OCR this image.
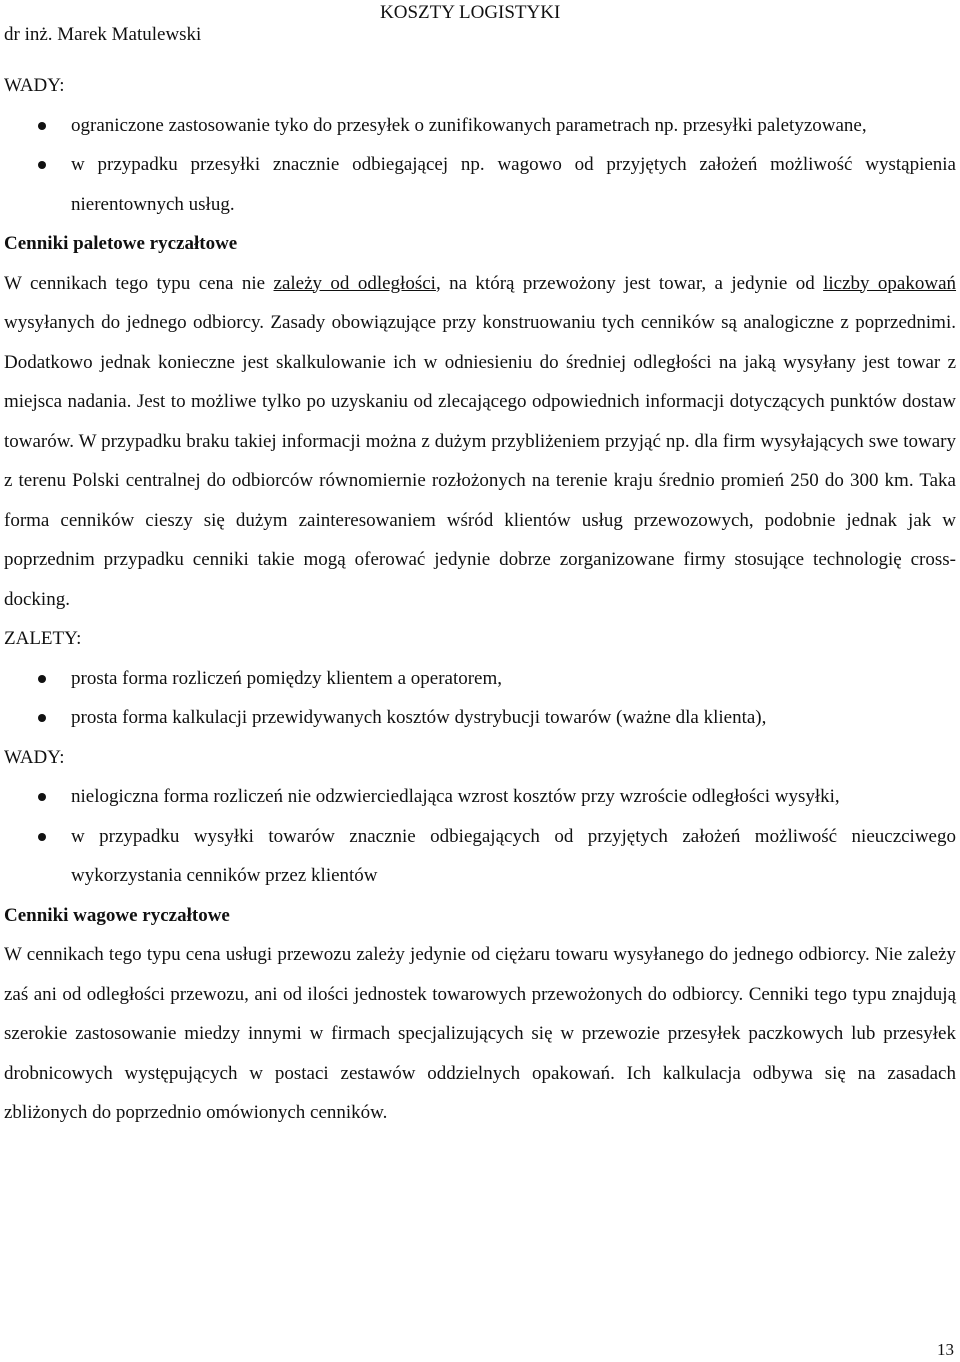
dr inż. Marek Matulewski
KOSZTY LOGISTYKI
WADY:
ograniczone zastosowanie tyko do przesyłek o zunifikowanych parametrach np. przesyłki paletyzowane,
w przypadku przesyłki znacznie odbiegającej np. wagowo od przyjętych założeń możliwość wystąpienia nierentownych usług.
Cenniki paletowe ryczałtowe

W cennikach tego typu cena nie zależy od odległości, na którą przewożony jest towar, a jedynie od liczby opakowań wysyłanych do jednego odbiorcy. Zasady obowiązujące przy konstruowaniu tych cenników są analogiczne z poprzednimi. Dodatkowo jednak konieczne jest skalkulowanie ich w odniesieniu do średniej odległości na jaką wysyłany jest towar z miejsca nadania. Jest to możliwe tylko po uzyskaniu od zlecającego odpowiednich informacji dotyczących punktów dostaw towarów. W przypadku braku takiej informacji można z dużym przybliżeniem przyjąć np. dla firm wysyłających swe towary z terenu Polski centralnej do odbiorców równomiernie rozłożonych na terenie kraju średnio promień 250 do 300 km. Taka forma cenników cieszy się dużym zainteresowaniem wśród klientów usług przewozowych, podobnie jednak jak w poprzednim przypadku cenniki takie mogą oferować jedynie dobrze zorganizowane firmy stosujące technologię cross-docking.

ZALETY:
prosta forma rozliczeń pomiędzy klientem a operatorem,
prosta forma kalkulacji przewidywanych kosztów dystrybucji towarów (ważne dla klienta),
WADY:
nielogiczna forma rozliczeń nie odzwierciedlająca wzrost kosztów przy wzroście odległości wysyłki,
w przypadku wysyłki towarów znacznie odbiegających od przyjętych założeń możliwość nieuczciwego wykorzystania cenników przez klientów
Cenniki wagowe ryczałtowe

W cennikach tego typu cena usługi przewozu zależy jedynie od ciężaru towaru wysyłanego do jednego odbiorcy. Nie zależy zaś ani od odległości przewozu, ani od ilości jednostek towarowych przewożonych do odbiorcy. Cenniki tego typu znajdują szerokie zastosowanie miedzy innymi w firmach specjalizujących się w przewozie przesyłek paczkowych lub przesyłek drobnicowych występujących w postaci zestawów oddzielnych opakowań. Ich kalkulacja odbywa się na zasadach zbliżonych do poprzednio omówionych cenników.

13
